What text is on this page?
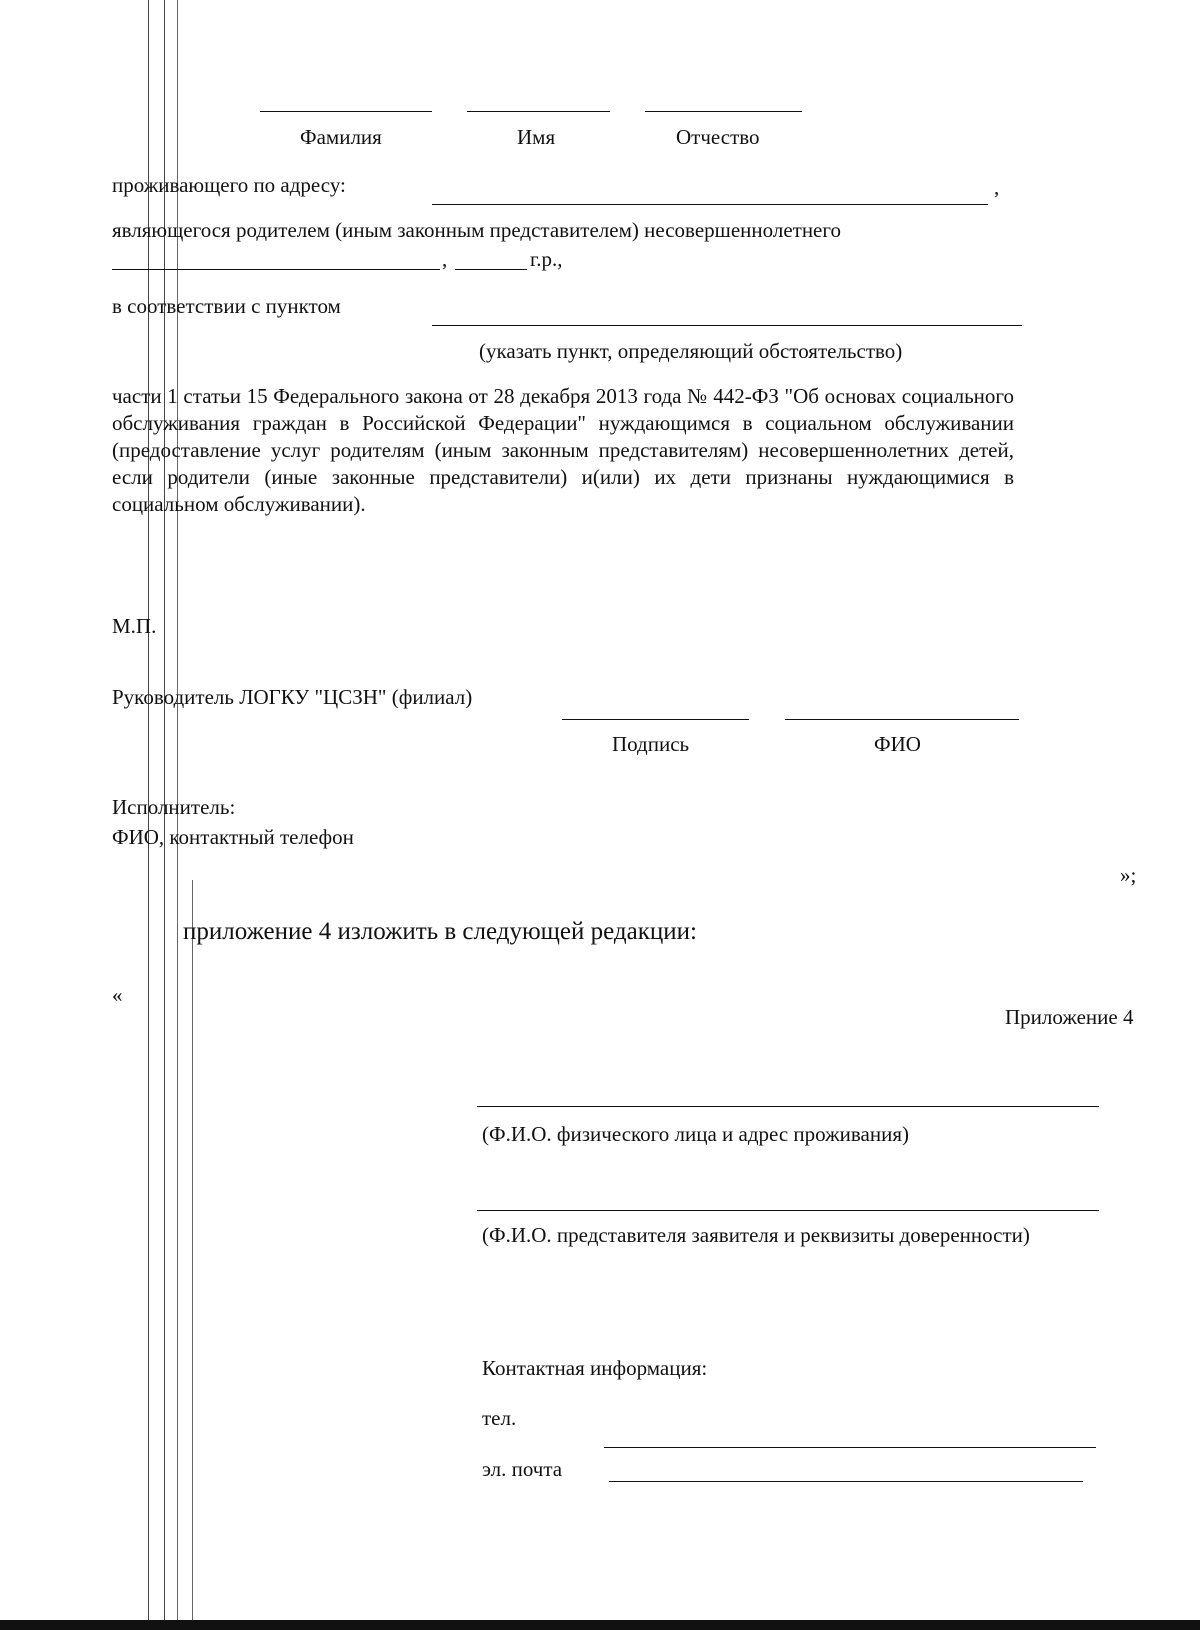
Фамилия	Имя	Отчество
проживающего по адресу:	,
являющегося родителем (иным законным представителем) несовершеннолетнего
,	г.р.,
в соответствии с пунктом
(указать пункт, определяющий обстоятельство)
части 1 статьи 15 Федерального закона от 28 декабря 2013 года № 442-ФЗ "Об основах социального обслуживания граждан в Российской Федерации" нуждающимся в социальном обслуживании (предоставление услуг родителям (иным законным представителям) несовершеннолетних детей, если родители (иные законные представители) и(или) их дети признаны нуждающимися в социальном обслуживании).
М.П.
Руководитель ЛОГКУ "ЦСЗН" (филиал)
Подпись	ФИО
Исполнитель:
ФИО, контактный телефон
»;
приложение 4 изложить в следующей редакции:
«
Приложение 4
(Ф.И.О. физического лица и адрес проживания)
(Ф.И.О. представителя заявителя и реквизиты доверенности)
Контактная информация:
тел.
эл. почта
